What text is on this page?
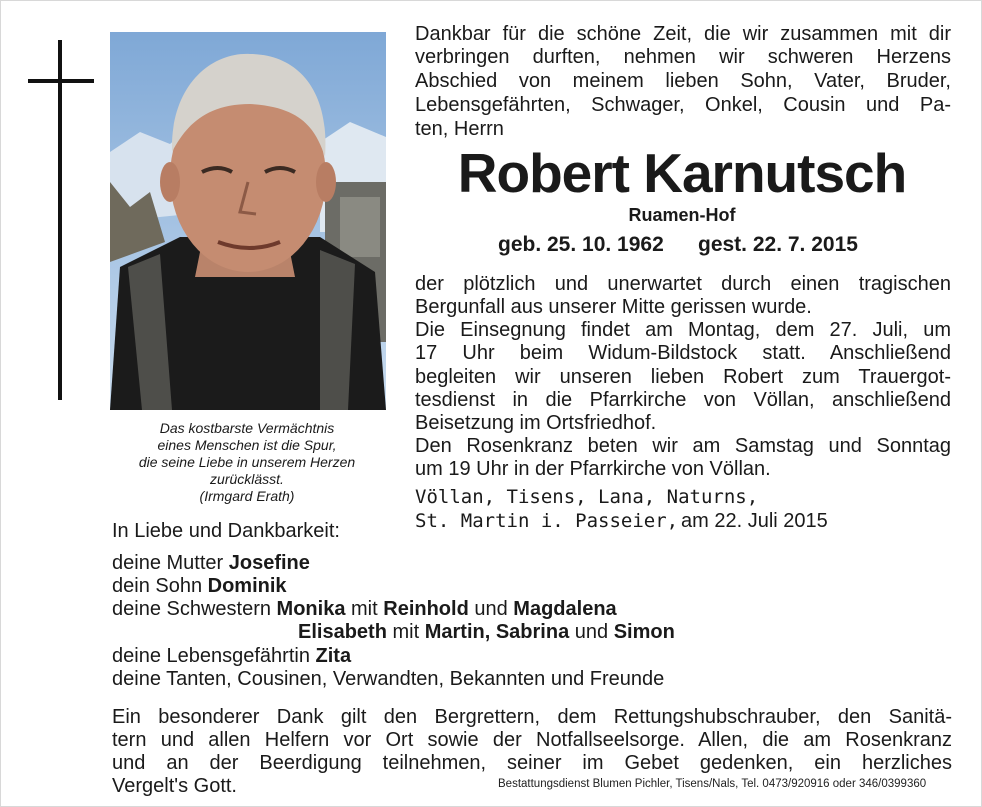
Das kostbarste Vermächtnis
eines Menschen ist die Spur,
die seine Liebe in unserem Herzen
zurücklässt.
(Irmgard Erath)
Dankbar für die schöne Zeit, die wir zusammen mit dir
verbringen durften, nehmen wir schweren Herzens
Abschied von meinem lieben Sohn, Vater, Bruder,
Lebensgefährten, Schwager, Onkel, Cousin und Pa-
ten, Herrn
Robert Karnutsch
Ruamen-Hof
geb. 25. 10. 1962 gest. 22. 7. 2015
der plötzlich und unerwartet durch einen tragischen
Bergunfall aus unserer Mitte gerissen wurde.
Die Einsegnung findet am Montag, dem 27. Juli, um
17 Uhr beim Widum-Bildstock statt. Anschließend
begleiten wir unseren lieben Robert zum Trauergot-
tesdienst in die Pfarrkirche von Völlan, anschließend
Beisetzung im Ortsfriedhof.
Den Rosenkranz beten wir am Samstag und Sonntag
um 19 Uhr in der Pfarrkirche von Völlan.
Völlan, Tisens, Lana, Naturns,
St. Martin i. Passeier, am 22. Juli 2015
In Liebe und Dankbarkeit:
deine Mutter Josefine
dein Sohn Dominik
deine Schwestern Monika mit Reinhold und Magdalena
Elisabeth mit Martin, Sabrina und Simon
deine Lebensgefährtin Zita
deine Tanten, Cousinen, Verwandten, Bekannten und Freunde
Ein besonderer Dank gilt den Bergrettern, dem Rettungshubschrauber, den Sanitä-
tern und allen Helfern vor Ort sowie der Notfallseelsorge. Allen, die am Rosenkranz
und an der Beerdigung teilnehmen, seiner im Gebet gedenken, ein herzliches
Vergelt's Gott.	Bestattungsdienst Blumen Pichler, Tisens/Nals, Tel. 0473/920916 oder 346/0399360
